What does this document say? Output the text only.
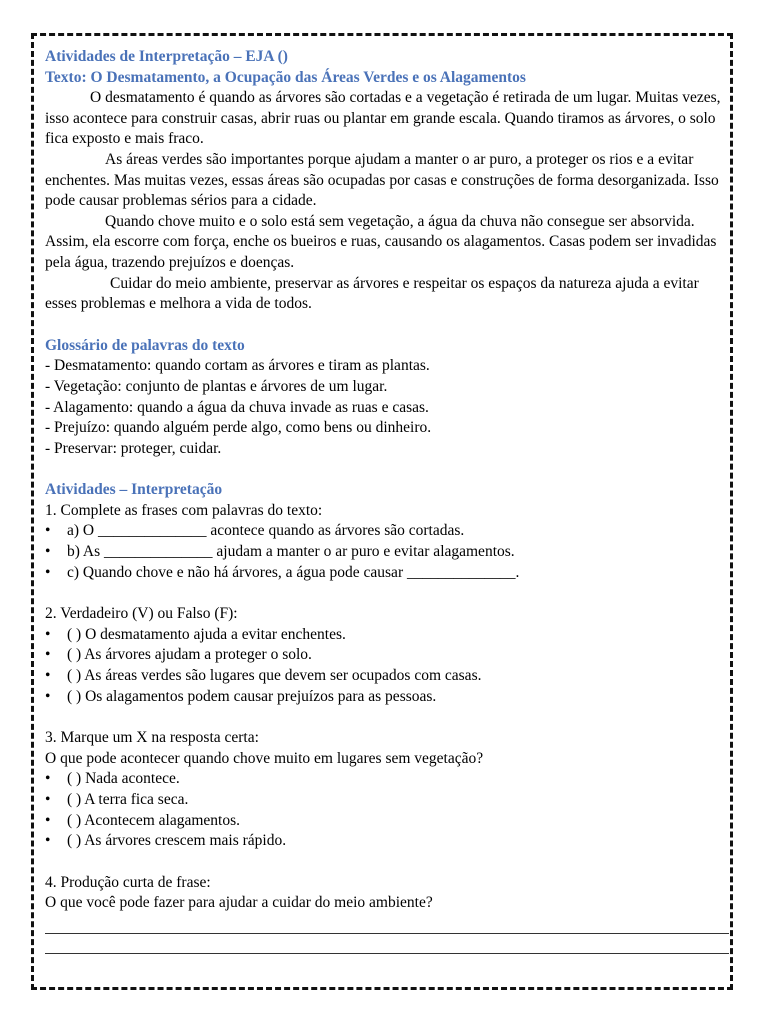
Atividades de Interpretação – EJA ()

Texto: O Desmatamento, a Ocupação das Áreas Verdes e os Alagamentos

O desmatamento é quando as árvores são cortadas e a vegetação é retirada de um lugar. Muitas vezes, isso acontece para construir casas, abrir ruas ou plantar em grande escala. Quando tiramos as árvores, o solo fica exposto e mais fraco.

As áreas verdes são importantes porque ajudam a manter o ar puro, a proteger os rios e a evitar enchentes. Mas muitas vezes, essas áreas são ocupadas por casas e construções de forma desorganizada. Isso pode causar problemas sérios para a cidade.

Quando chove muito e o solo está sem vegetação, a água da chuva não consegue ser absorvida. Assim, ela escorre com força, enche os bueiros e ruas, causando os alagamentos. Casas podem ser invadidas pela água, trazendo prejuízos e doenças.

Cuidar do meio ambiente, preservar as árvores e respeitar os espaços da natureza ajuda a evitar esses problemas e melhora a vida de todos.

Glossário de palavras do texto

- Desmatamento: quando cortam as árvores e tiram as plantas.

- Vegetação: conjunto de plantas e árvores de um lugar.

- Alagamento: quando a água da chuva invade as ruas e casas.

- Prejuízo: quando alguém perde algo, como bens ou dinheiro.

- Preservar: proteger, cuidar.

Atividades – Interpretação

1. Complete as frases com palavras do texto:

• a) O ______________ acontece quando as árvores são cortadas.
• b) As ______________ ajudam a manter o ar puro e evitar alagamentos.
• c) Quando chove e não há árvores, a água pode causar ______________.

2. Verdadeiro (V) ou Falso (F):

• ( ) O desmatamento ajuda a evitar enchentes.
• ( ) As árvores ajudam a proteger o solo.
• ( ) As áreas verdes são lugares que devem ser ocupados com casas.
• ( ) Os alagamentos podem causar prejuízos para as pessoas.

3. Marque um X na resposta certa:

O que pode acontecer quando chove muito em lugares sem vegetação?

• ( ) Nada acontece.
• ( ) A terra fica seca.
• ( ) Acontecem alagamentos.
• ( ) As árvores crescem mais rápido.

4. Produção curta de frase:

O que você pode fazer para ajudar a cuidar do meio ambiente?
